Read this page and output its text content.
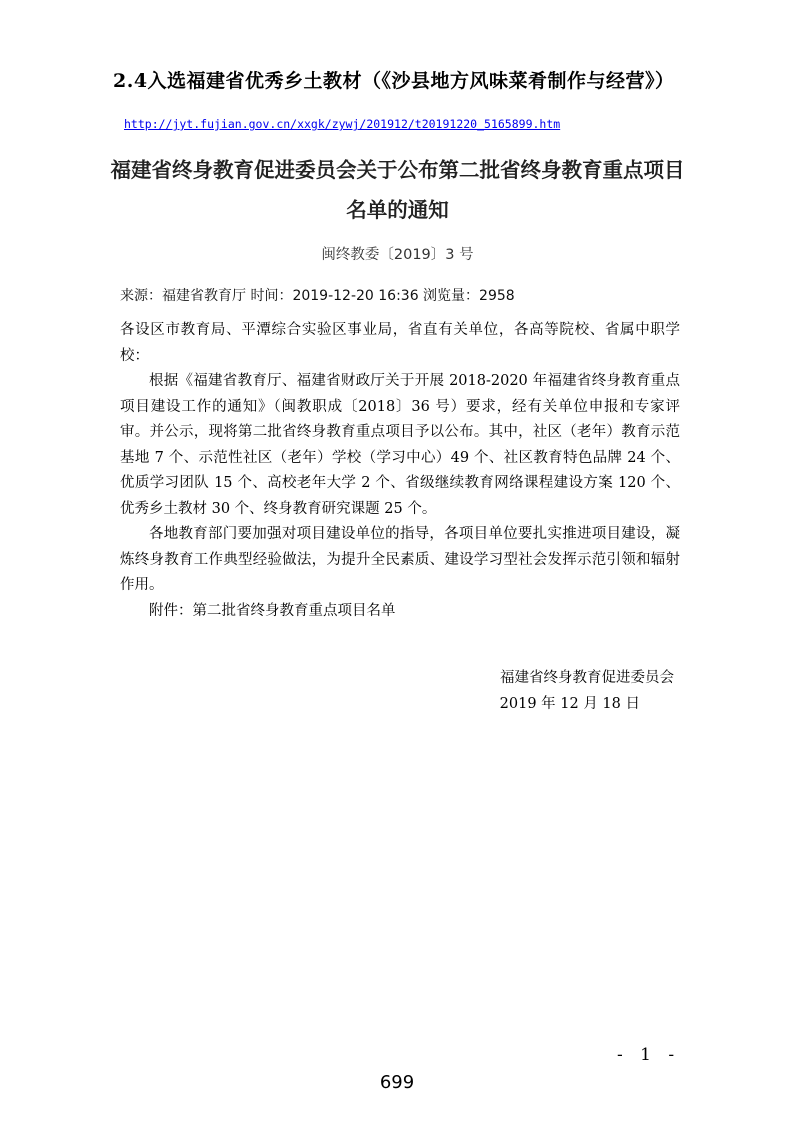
2.4入选福建省优秀乡土教材（《沙县地方风味菜肴制作与经营》）
http://jyt.fujian.gov.cn/xxgk/zywj/201912/t20191220_5165899.htm
福建省终身教育促进委员会关于公布第二批省终身教育重点项目名单的通知
闽终教委〔2019〕3 号
来源：福建省教育厅 时间：2019-12-20 16:36 浏览量：2958

各设区市教育局、平潭综合实验区事业局，省直有关单位，各高等院校、省属中职学校：

根据《福建省教育厅、福建省财政厅关于开展 2018-2020 年福建省终身教育重点项目建设工作的通知》（闽教职成〔2018〕36 号）要求，经有关单位申报和专家评审。并公示，现将第二批省终身教育重点项目予以公布。其中，社区（老年）教育示范基地 7 个、示范性社区（老年）学校（学习中心）49 个、社区教育特色品牌 24 个、优质学习团队 15 个、高校老年大学 2 个、省级继续教育网络课程建设方案 120 个、优秀乡土教材 30 个、终身教育研究课题 25 个。

各地教育部门要加强对项目建设单位的指导，各项目单位要扎实推进项目建设，凝炼终身教育工作典型经验做法，为提升全民素质、建设学习型社会发挥示范引领和辐射作用。

附件：第二批省终身教育重点项目名单

福建省终身教育促进委员会
2019 年 12 月 18 日
- 1 -
699
